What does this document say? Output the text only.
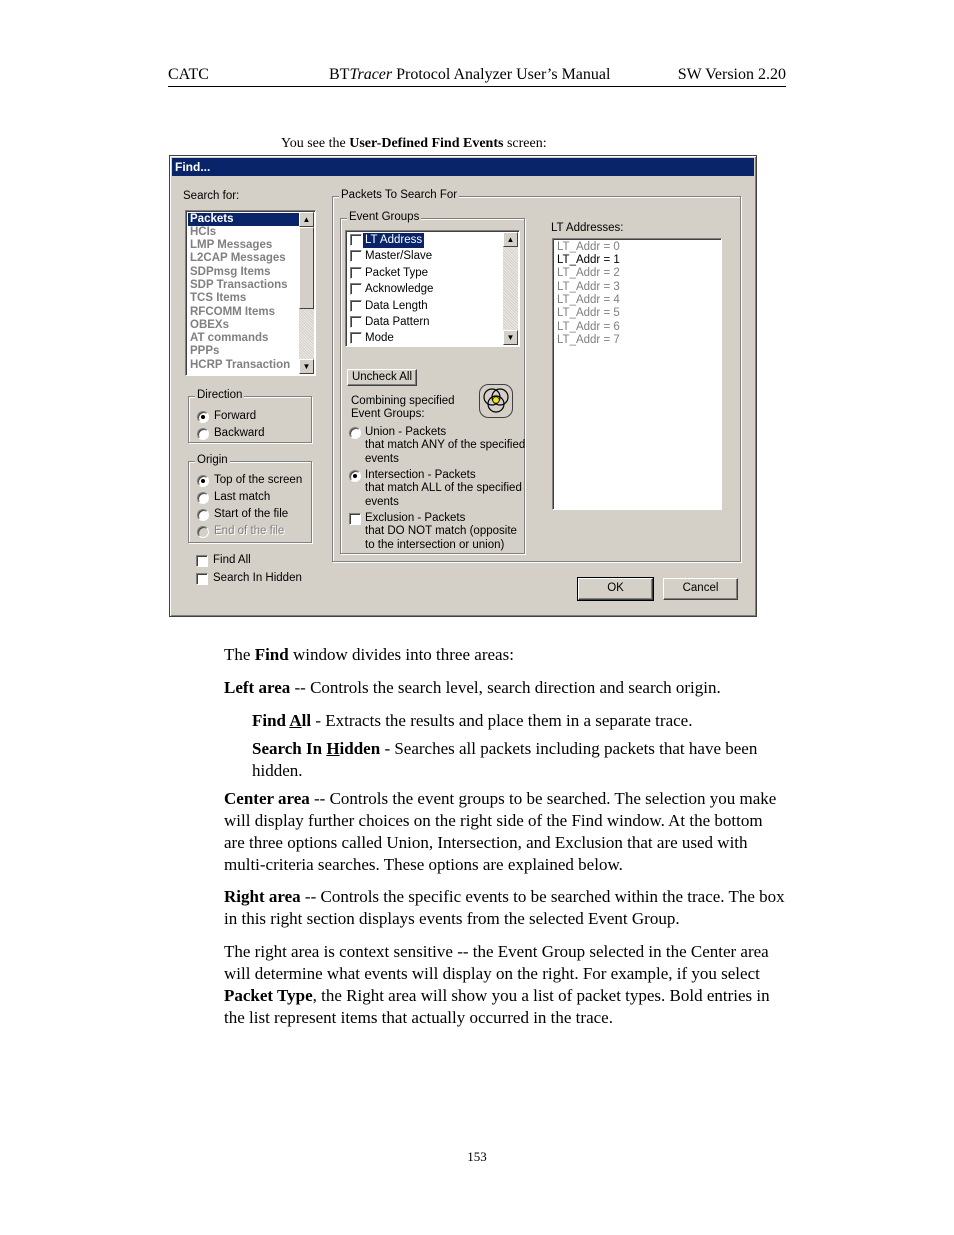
CATC	BTTracer Protocol Analyzer User’s Manual	SW Version 2.20
You see the User-Defined Find Events screen:
Find...
Search for:
Packets
HCIs
LMP Messages
L2CAP Messages
SDPmsg Items
SDP Transactions
TCS Items
RFCOMM Items
OBEXs
AT commands
PPPs
HCRP Transaction
▲
▼
Direction
Forward
Backward
Origin
Top of the screen
Last match
Start of the file
End of the file
Find All
Search In Hidden
Packets To Search For
Event Groups
LT Address
Master/Slave
Packet Type
Acknowledge
Data Length
Data Pattern
Mode
▲
▼
Uncheck All
Combining specified
Event Groups:
Union - Packets
that match ANY of the specified
events
Intersection - Packets
that match ALL of the specified
events
Exclusion - Packets
that DO NOT match (opposite
to the intersection or union)
LT Addresses:
LT_Addr = 0
LT_Addr = 1
LT_Addr = 2
LT_Addr = 3
LT_Addr = 4
LT_Addr = 5
LT_Addr = 6
LT_Addr = 7
OK	Cancel
The Find window divides into three areas:
Left area -- Controls the search level, search direction and search origin.
Find All - Extracts the results and place them in a separate trace.
Search In Hidden - Searches all packets including packets that have been hidden.
Center area -- Controls the event groups to be searched. The selection you make will display further choices on the right side of the Find window. At the bottom are three options called Union, Intersection, and Exclusion that are used with multi-criteria searches. These options are explained below.
Right area -- Controls the specific events to be searched within the trace. The box in this right section displays events from the selected Event Group.
The right area is context sensitive -- the Event Group selected in the Center area will determine what events will display on the right. For example, if you select Packet Type, the Right area will show you a list of packet types. Bold entries in the list represent items that actually occurred in the trace.
153
